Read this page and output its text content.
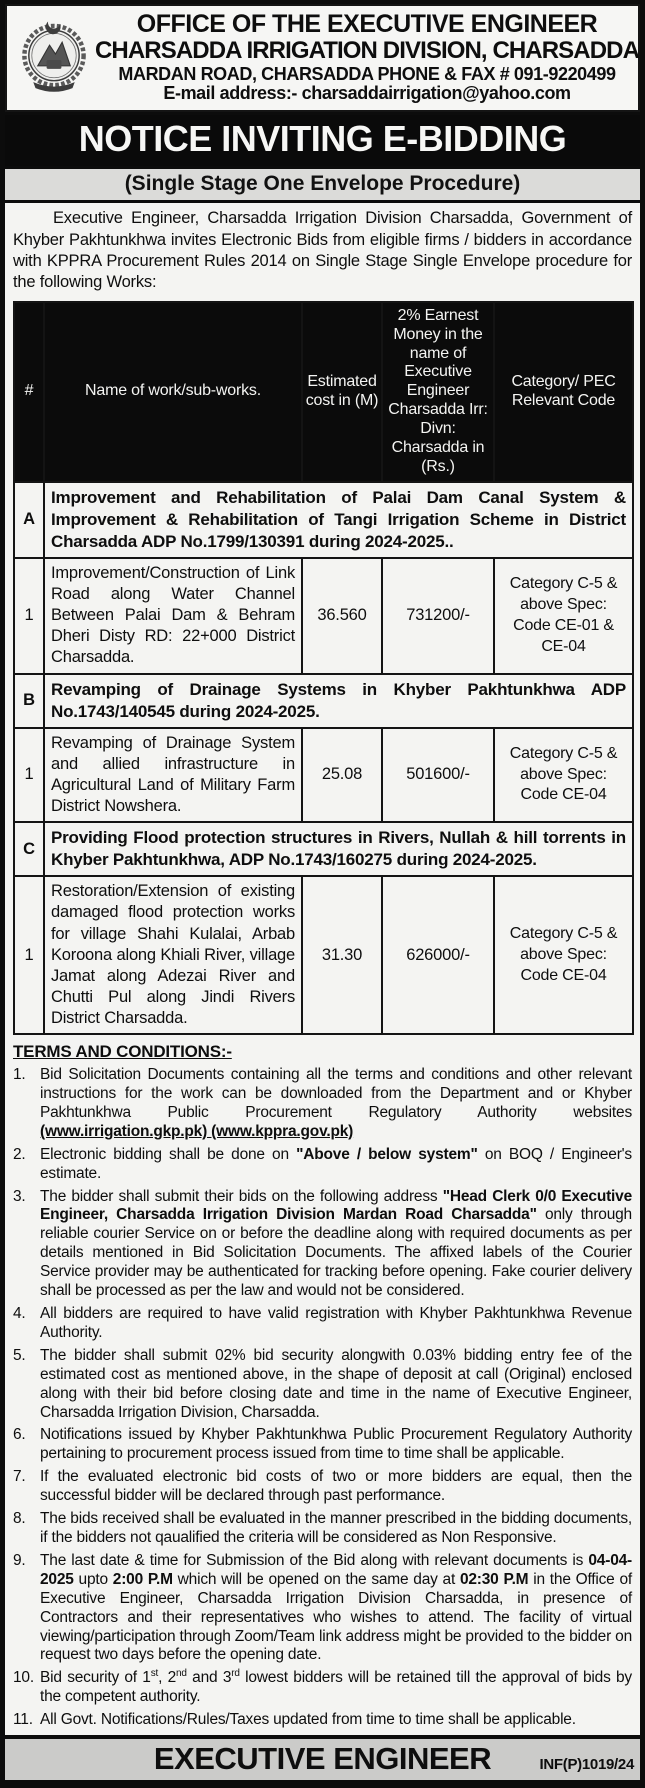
OFFICE OF THE EXECUTIVE ENGINEER
CHARSADDA IRRIGATION DIVISION, CHARSADDA
MARDAN ROAD, CHARSADDA PHONE & FAX # 091-9220499
E-mail address:- charsaddairrigation@yahoo.com
NOTICE INVITING E-BIDDING
(Single Stage One Envelope Procedure)
Executive Engineer, Charsadda Irrigation Division Charsadda, Government of Khyber Pakhtunkhwa invites Electronic Bids from eligible firms / bidders in accordance with KPPRA Procurement Rules 2014 on Single Stage Single Envelope procedure for the following Works:
#	Name of work/sub-works.	Estimated cost in (M)	2% Earnest Money in the name of Executive Engineer Charsadda Irr: Divn: Charsadda in (Rs.)	Category/ PEC Relevant Code
A	Improvement and Rehabilitation of Palai Dam Canal System & Improvement & Rehabilitation of Tangi Irrigation Scheme in District Charsadda ADP No.1799/130391 during 2024-2025..			
1	Improvement/Construction of Link Road along Water Channel Between Palai Dam & Behram Dheri Disty RD: 22+000 District Charsadda.	36.560	731200/-	Category C-5 & above Spec: Code CE-01 & CE-04
B	Revamping of Drainage Systems in Khyber Pakhtunkhwa ADP No.1743/140545 during 2024-2025.			
1	Revamping of Drainage System and allied infrastructure in Agricultural Land of Military Farm District Nowshera.	25.08	501600/-	Category C-5 & above Spec: Code CE-04
C	Providing Flood protection structures in Rivers, Nullah & hill torrents in Khyber Pakhtunkhwa, ADP No.1743/160275 during 2024-2025.			
1	Restoration/Extension of existing damaged flood protection works for village Shahi Kulalai, Arbab Koroona along Khiali River, village Jamat along Adezai River and Chutti Pul along Jindi Rivers District Charsadda.	31.30	626000/-	Category C-5 & above Spec: Code CE-04
TERMS AND CONDITIONS:-
1. Bid Solicitation Documents containing all the terms and conditions and other relevant instructions for the work can be downloaded from the Department and or Khyber Pakhtunkhwa Public Procurement Regulatory Authority websites (www.irrigation.gkp.pk) (www.kppra.gov.pk)
2. Electronic bidding shall be done on "Above / below system" on BOQ / Engineer's estimate.
3. The bidder shall submit their bids on the following address "Head Clerk 0/0 Executive Engineer, Charsadda Irrigation Division Mardan Road Charsadda" only through reliable courier Service on or before the deadline along with required documents as per details mentioned in Bid Solicitation Documents. The affixed labels of the Courier Service provider may be authenticated for tracking before opening. Fake courier delivery shall be processed as per the law and would not be considered.
4. All bidders are required to have valid registration with Khyber Pakhtunkhwa Revenue Authority.
5. The bidder shall submit 02% bid security alongwith 0.03% bidding entry fee of the estimated cost as mentioned above, in the shape of deposit at call (Original) enclosed along with their bid before closing date and time in the name of Executive Engineer, Charsadda Irrigation Division, Charsadda.
6. Notifications issued by Khyber Pakhtunkhwa Public Procurement Regulatory Authority pertaining to procurement process issued from time to time shall be applicable.
7. If the evaluated electronic bid costs of two or more bidders are equal, then the successful bidder will be declared through past performance.
8. The bids received shall be evaluated in the manner prescribed in the bidding documents, if the bidders not qaualified the criteria will be considered as Non Responsive.
9. The last date & time for Submission of the Bid along with relevant documents is 04-04-2025 upto 2:00 P.M which will be opened on the same day at 02:30 P.M in the Office of Executive Engineer, Charsadda Irrigation Division Charsadda, in presence of Contractors and their representatives who wishes to attend. The facility of virtual viewing/participation through Zoom/Team link address might be provided to the bidder on request two days before the opening date.
10. Bid security of 1st, 2nd and 3rd lowest bidders will be retained till the approval of bids by the competent authority.
11. All Govt. Notifications/Rules/Taxes updated from time to time shall be applicable.
EXECUTIVE ENGINEER	INF(P)1019/24
